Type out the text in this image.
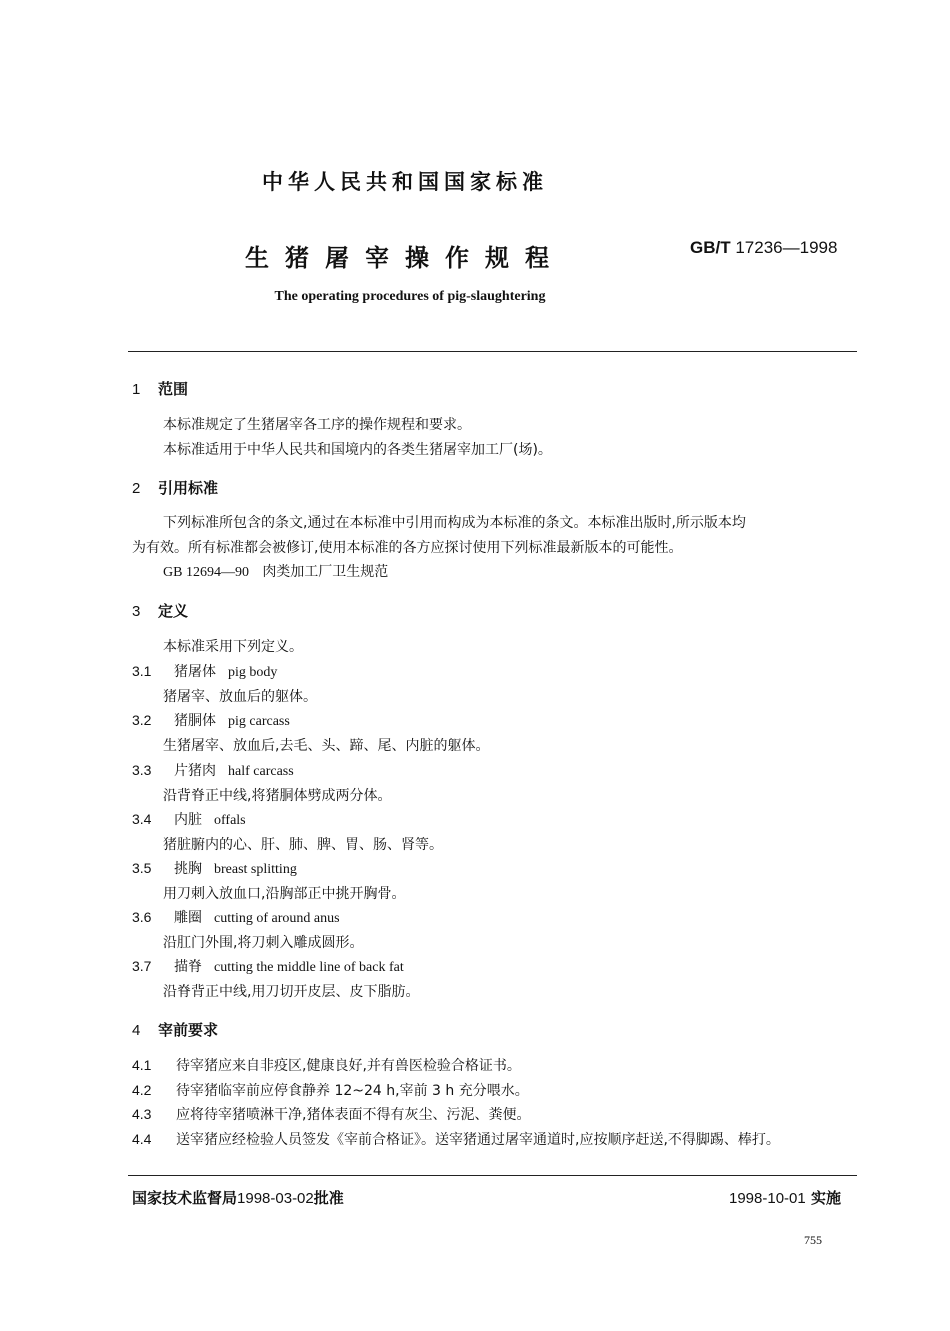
中华人民共和国国家标准
生猪屠宰操作规程	GB/T 17236—1998
The operating procedures of pig-slaughtering
1 范围
本标准规定了生猪屠宰各工序的操作规程和要求。
本标准适用于中华人民共和国境内的各类生猪屠宰加工厂(场)。
2 引用标准
下列标准所包含的条文,通过在本标准中引用而构成为本标准的条文。本标准出版时,所示版本均
为有效。所有标准都会被修订,使用本标准的各方应探讨使用下列标准最新版本的可能性。
GB 12694—90 肉类加工厂卫生规范
3 定义
本标准采用下列定义。
3.1 猪屠体 pig body
猪屠宰、放血后的躯体。
3.2 猪胴体 pig carcass
生猪屠宰、放血后,去毛、头、蹄、尾、内脏的躯体。
3.3 片猪肉 half carcass
沿背脊正中线,将猪胴体劈成两分体。
3.4 内脏 offals
猪脏腑内的心、肝、肺、脾、胃、肠、肾等。
3.5 挑胸 breast splitting
用刀刺入放血口,沿胸部正中挑开胸骨。
3.6 雕圈 cutting of around anus
沿肛门外围,将刀刺入雕成圆形。
3.7 描脊 cutting the middle line of back fat
沿脊背正中线,用刀切开皮层、皮下脂肪。
4 宰前要求
4.1 待宰猪应来自非疫区,健康良好,并有兽医检验合格证书。
4.2 待宰猪临宰前应停食静养 12~24 h,宰前 3 h 充分喂水。
4.3 应将待宰猪喷淋干净,猪体表面不得有灰尘、污泥、粪便。
4.4 送宰猪应经检验人员签发《宰前合格证》。送宰猪通过屠宰通道时,应按顺序赶送,不得脚踢、棒打。
国家技术监督局1998-03-02批准	1998-10-01 实施
755
